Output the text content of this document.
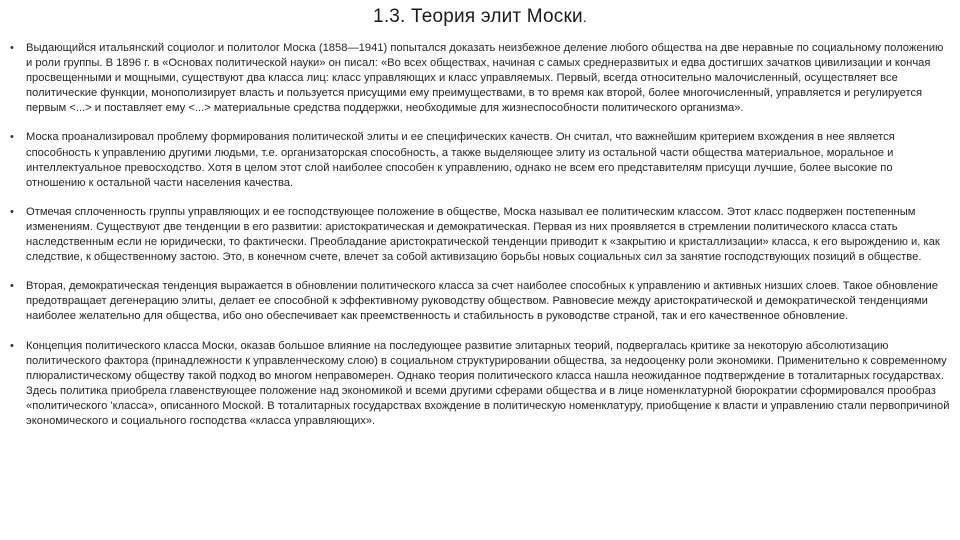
1.3. Теория элит Моски.
• Выдающийся итальянский социолог и политолог Моска (1858—1941) попытался доказать неизбежное деление любого общества на две неравные по социальному положению и роли группы. В 1896 г. в «Основах политической науки» он писал: «Во всех обществах, начиная с самых среднеразвитых и едва достигших зачатков цивилизации и кончая просвещенными и мощными, существуют два класса лиц: класс управляющих и класс управляемых. Первый, всегда относительно малочисленный, осуществляет все политические функции, монополизирует власть и пользуется присущими ему преимуществами, в то время как второй, более многочисленный, управляется и регулируется первым <...> и поставляет ему <...> материальные средства поддержки, необходимые для жизнеспособности политического организма».
• Моска проанализировал проблему формирования политической элиты и ее специфических качеств. Он считал, что важнейшим критерием вхождения в нее является способность к управлению другими людьми, т.е. организаторская способность, а также выделяющее элиту из остальной части общества материальное, моральное и интеллектуальное превосходство. Хотя в целом этот слой наиболее способен к управлению, однако не всем его представителям присущи лучшие, более высокие по отношению к остальной части населения качества.
• Отмечая сплоченность группы управляющих и ее господствующее положение в обществе, Моска называл ее политическим классом. Этот класс подвержен постепенным изменениям. Существуют две тенденции в его развитии: аристократическая и демократическая. Первая из них проявляется в стремлении политического класса стать наследственным если не юридически, то фактически. Преобладание аристократической тенденции приводит к «закрытию и кристаллизации» класса, к его вырождению и, как следствие, к общественному застою. Это, в конечном счете, влечет за собой активизацию борьбы новых социальных сил за занятие господствующих позиций в обществе.
• Вторая, демократическая тенденция выражается в обновлении политического класса за счет наиболее способных к управлению и активных низших слоев. Такое обновление предотвращает дегенерацию элиты, делает ее способной к эффективному руководству обществом. Равновесие между аристократической и демократической тенденциями наиболее желательно для общества, ибо оно обеспечивает как преемственность и стабильность в руководстве страной, так и его качественное обновление.
• Концепция политического класса Моски, оказав большое влияние на последующее развитие элитарных теорий, подвергалась критике за некоторую абсолютизацию политического фактора (принадлежности к управленческому слою) в социальном структурировании общества, за недооценку роли экономики. Применительно к современному плюралистическому обществу такой подход во многом неправомерен. Однако теория политического класса нашла неожиданное подтверждение в тоталитарных государствах. Здесь политика приобрела главенствующее положение над экономикой и всеми другими сферами общества и в лице номенклатурной бюрократии сформировался прообраз «политического 'класса», описанного Моской. В тоталитарных государствах вхождение в политическую номенклатуру, приобщение к власти и управлению стали первопричиной экономического и социального господства «класса управляющих».
